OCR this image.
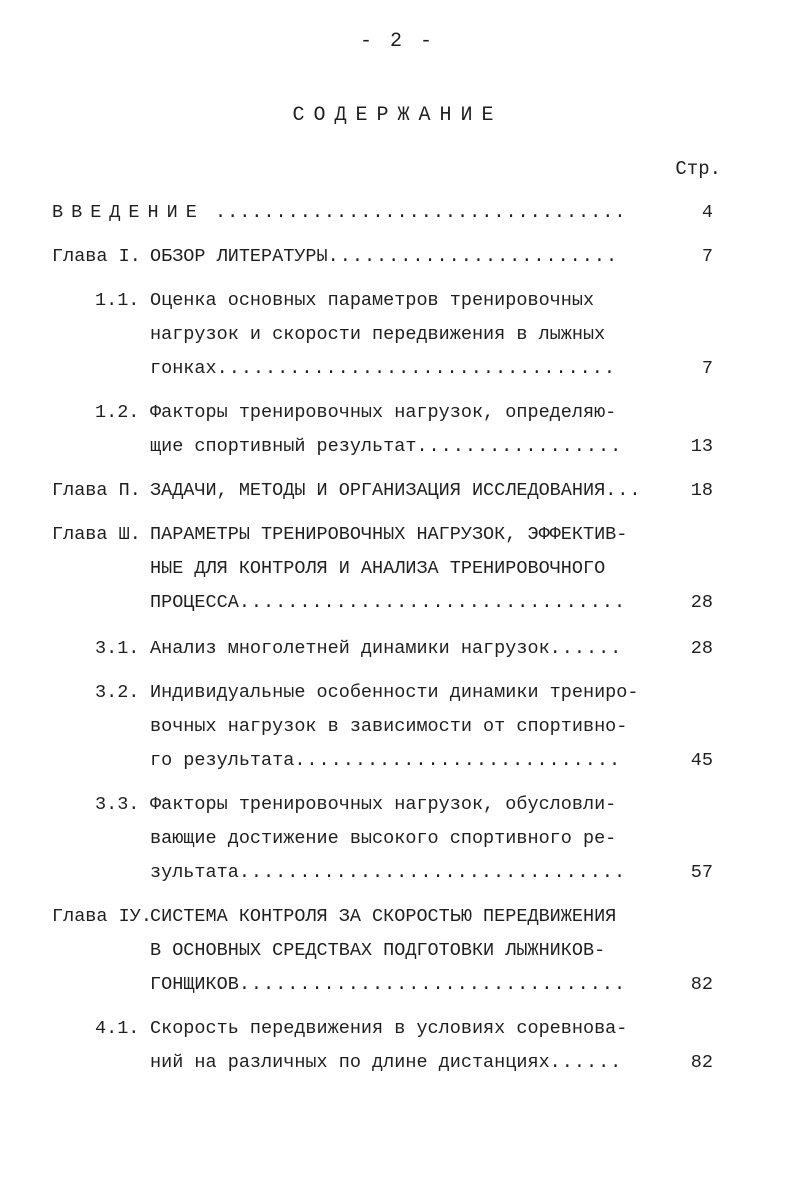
- 2 -
СОДЕРЖАНИЕ
Стр.
ВВЕДЕНИЕ ..................................	4
Глава I. ОБЗОР ЛИТЕРАТУРЫ ........................	7
1.1. Оценка основных параметров тренировочных
нагрузок и скорости передвижения в лыжных
гонках .................................	7
1.2. Факторы тренировочных нагрузок, определяю-
щие спортивный результат .................	13
Глава П. ЗАДАЧИ, МЕТОДЫ И ОРГАНИЗАЦИЯ ИССЛЕДОВАНИЯ ...	18
Глава Ш. ПАРАМЕТРЫ ТРЕНИРОВОЧНЫХ НАГРУЗОК, ЭФФЕКТИВ-
НЫЕ ДЛЯ КОНТРОЛЯ И АНАЛИЗА ТРЕНИРОВОЧНОГО
ПРОЦЕССА ................................	28
3.1. Анализ многолетней динамики нагрузок ......	28
3.2. Индивидуальные особенности динамики трениро-
вочных нагрузок в зависимости от спортивно-
го результата ...........................	45
3.3. Факторы тренировочных нагрузок, обусловли-
вающие достижение высокого спортивного ре-
зультата ................................	57
Глава IУ.
СИСТЕМА КОНТРОЛЯ ЗА СКОРОСТЬЮ ПЕРЕДВИЖЕНИЯ
В ОСНОВНЫХ СРЕДСТВАХ ПОДГОТОВКИ ЛЫЖНИКОВ-
ГОНЩИКОВ ................................	82
4.1. Скорость передвижения в условиях соревнова-
ний на различных по длине дистанциях ......	82
